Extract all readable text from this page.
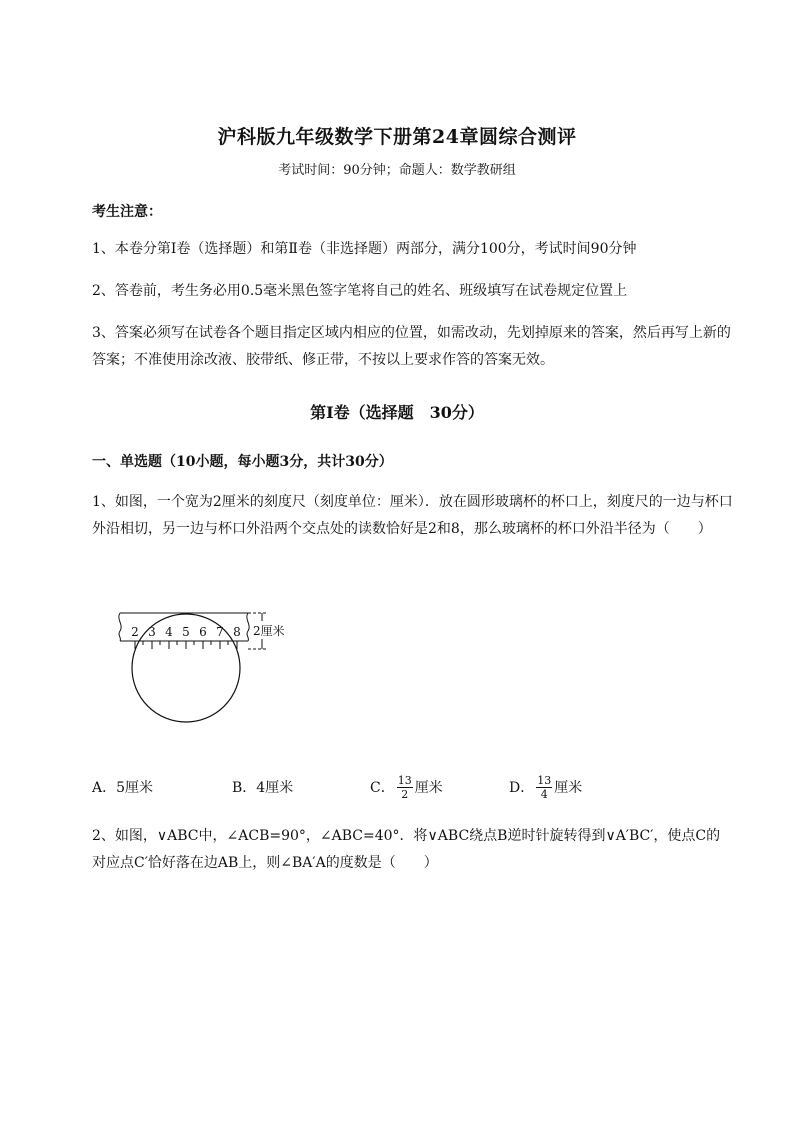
沪科版九年级数学下册第24章圆综合测评
考试时间：90分钟；命题人：数学教研组
考生注意：
1、本卷分第I卷（选择题）和第Ⅱ卷（非选择题）两部分，满分100分，考试时间90分钟
2、答卷前，考生务必用0.5毫米黑色签字笔将自己的姓名、班级填写在试卷规定位置上
3、答案必须写在试卷各个题目指定区域内相应的位置，如需改动，先划掉原来的答案，然后再写上新的答案；不准使用涂改液、胶带纸、修正带，不按以上要求作答的答案无效。
第I卷（选择题　30分）
一、单选题（10小题，每小题3分，共计30分）
1、如图，一个宽为2厘米的刻度尺（刻度单位：厘米）．放在圆形玻璃杯的杯口上，刻度尺的一边与杯口外沿相切，另一边与杯口外沿两个交点处的读数恰好是2和8，那么玻璃杯的杯口外沿半径为（　　）
2 3 4 5 6 7 8 2厘米
A．5厘米	B．4厘米	C． $\frac{13}{2}$ 厘米	D． $\frac{13}{4}$ 厘米
2、如图，∨ABC中，∠ACB=90°，∠ABC=40°．将∨ABC绕点B逆时针旋转得到∨A′BC′，使点C的
对应点C′恰好落在边AB上，则∠BA′A的度数是（　　）
